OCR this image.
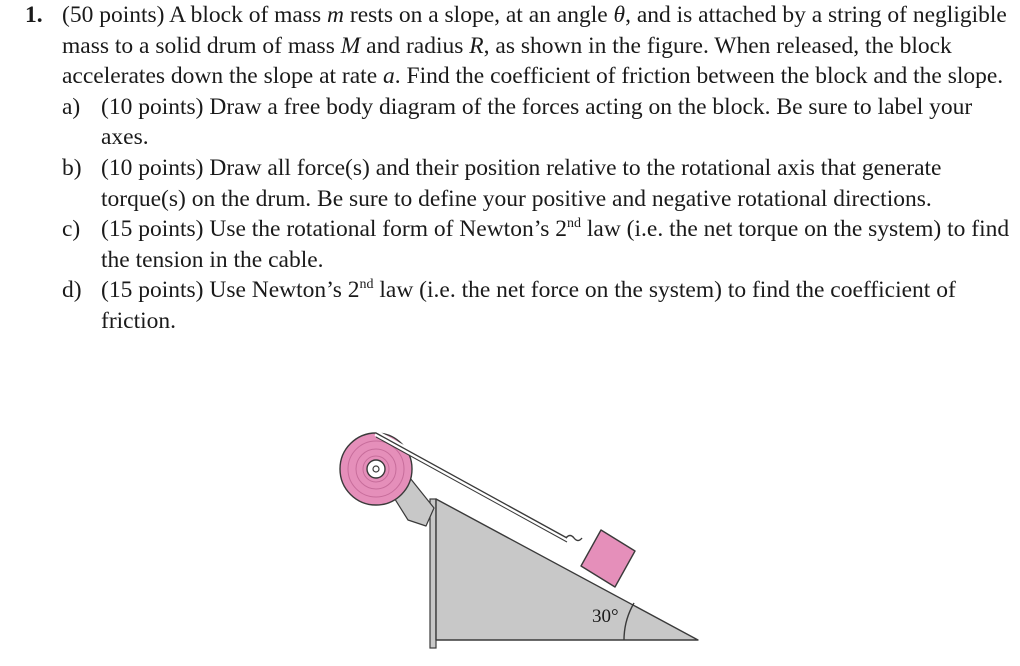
1. (50 points) A block of mass m rests on a slope, at an angle θ, and is attached by a string of negligible mass to a solid drum of mass M and radius R, as shown in the figure. When released, the block accelerates down the slope at rate a. Find the coefficient of friction between the block and the slope.
a) (10 points) Draw a free body diagram of the forces acting on the block. Be sure to label your axes.
b) (10 points) Draw all force(s) and their position relative to the rotational axis that generate torque(s) on the drum. Be sure to define your positive and negative rotational directions.
c) (15 points) Use the rotational form of Newton’s 2nd law (i.e. the net torque on the system) to find the tension in the cable.
d) (15 points) Use Newton’s 2nd law (i.e. the net force on the system) to find the coefficient of friction.
30°
